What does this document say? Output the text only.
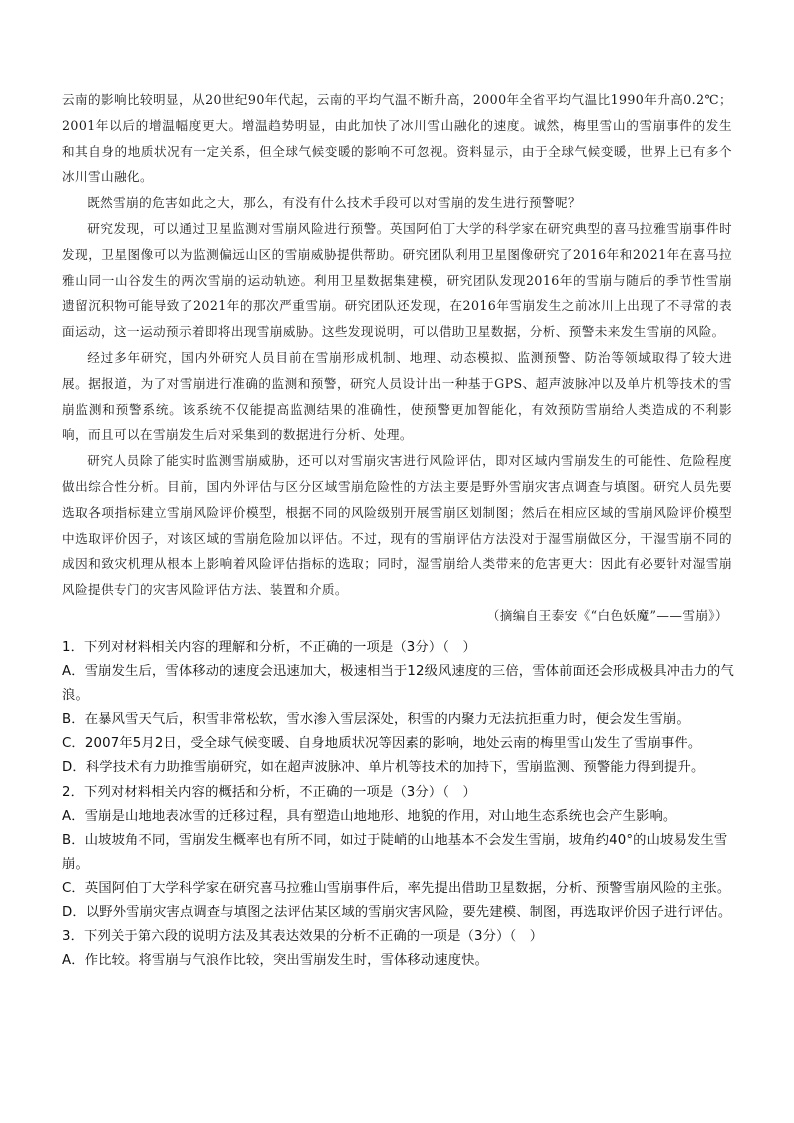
云南的影响比较明显，从20世纪90年代起，云南的平均气温不断升高，2000年全省平均气温比1990年升高0.2℃；2001年以后的增温幅度更大。增温趋势明显，由此加快了冰川雪山融化的速度。诚然，梅里雪山的雪崩事件的发生和其自身的地质状况有一定关系，但全球气候变暖的影响不可忽视。资料显示，由于全球气候变暖，世界上已有多个冰川雪山融化。

既然雪崩的危害如此之大，那么，有没有什么技术手段可以对雪崩的发生进行预警呢？

研究发现，可以通过卫星监测对雪崩风险进行预警。英国阿伯丁大学的科学家在研究典型的喜马拉雅雪崩事件时发现，卫星图像可以为监测偏远山区的雪崩威胁提供帮助。研究团队利用卫星图像研究了2016年和2021年在喜马拉雅山同一山谷发生的两次雪崩的运动轨迹。利用卫星数据集建模，研究团队发现2016年的雪崩与随后的季节性雪崩遗留沉积物可能导致了2021年的那次严重雪崩。研究团队还发现，在2016年雪崩发生之前冰川上出现了不寻常的表面运动，这一运动预示着即将出现雪崩威胁。这些发现说明，可以借助卫星数据，分析、预警未来发生雪崩的风险。

经过多年研究，国内外研究人员目前在雪崩形成机制、地理、动态模拟、监测预警、防治等领域取得了较大进展。据报道，为了对雪崩进行准确的监测和预警，研究人员设计出一种基于GPS、超声波脉冲以及单片机等技术的雪崩监测和预警系统。该系统不仅能提高监测结果的准确性，使预警更加智能化，有效预防雪崩给人类造成的不利影响，而且可以在雪崩发生后对采集到的数据进行分析、处理。

研究人员除了能实时监测雪崩威胁，还可以对雪崩灾害进行风险评估，即对区域内雪崩发生的可能性、危险程度做出综合性分析。目前，国内外评估与区分区域雪崩危险性的方法主要是野外雪崩灾害点调查与填图。研究人员先要选取各项指标建立雪崩风险评价模型，根据不同的风险级别开展雪崩区划制图；然后在相应区域的雪崩风险评价模型中选取评价因子，对该区域的雪崩危险加以评估。不过，现有的雪崩评估方法没对于湿雪崩做区分，干湿雪崩不同的成因和致灾机理从根本上影响着风险评估指标的选取；同时，湿雪崩给人类带来的危害更大：因此有必要针对湿雪崩风险提供专门的灾害风险评估方法、装置和介质。

（摘编自王泰安《“白色妖魔”——雪崩》）

1．下列对材料相关内容的理解和分析，不正确的一项是（3分）（　）

A．雪崩发生后，雪体移动的速度会迅速加大，极速相当于12级风速度的三倍，雪体前面还会形成极具冲击力的气浪。

B．在暴风雪天气后，积雪非常松软，雪水渗入雪层深处，积雪的内聚力无法抗拒重力时，便会发生雪崩。

C．2007年5月2日，受全球气候变暖、自身地质状况等因素的影响，地处云南的梅里雪山发生了雪崩事件。

D．科学技术有力助推雪崩研究，如在超声波脉冲、单片机等技术的加持下，雪崩监测、预警能力得到提升。

2．下列对材料相关内容的概括和分析，不正确的一项是（3分）（　）

A．雪崩是山地地表冰雪的迁移过程，具有塑造山地地形、地貌的作用，对山地生态系统也会产生影响。

B．山坡坡角不同，雪崩发生概率也有所不同，如过于陡峭的山地基本不会发生雪崩，坡角约40°的山坡易发生雪崩。

C．英国阿伯丁大学科学家在研究喜马拉雅山雪崩事件后，率先提出借助卫星数据，分析、预警雪崩风险的主张。

D．以野外雪崩灾害点调查与填图之法评估某区域的雪崩灾害风险，要先建模、制图，再选取评价因子进行评估。

3．下列关于第六段的说明方法及其表达效果的分析不正确的一项是（3分）（　）

A．作比较。将雪崩与气浪作比较，突出雪崩发生时，雪体移动速度快。
